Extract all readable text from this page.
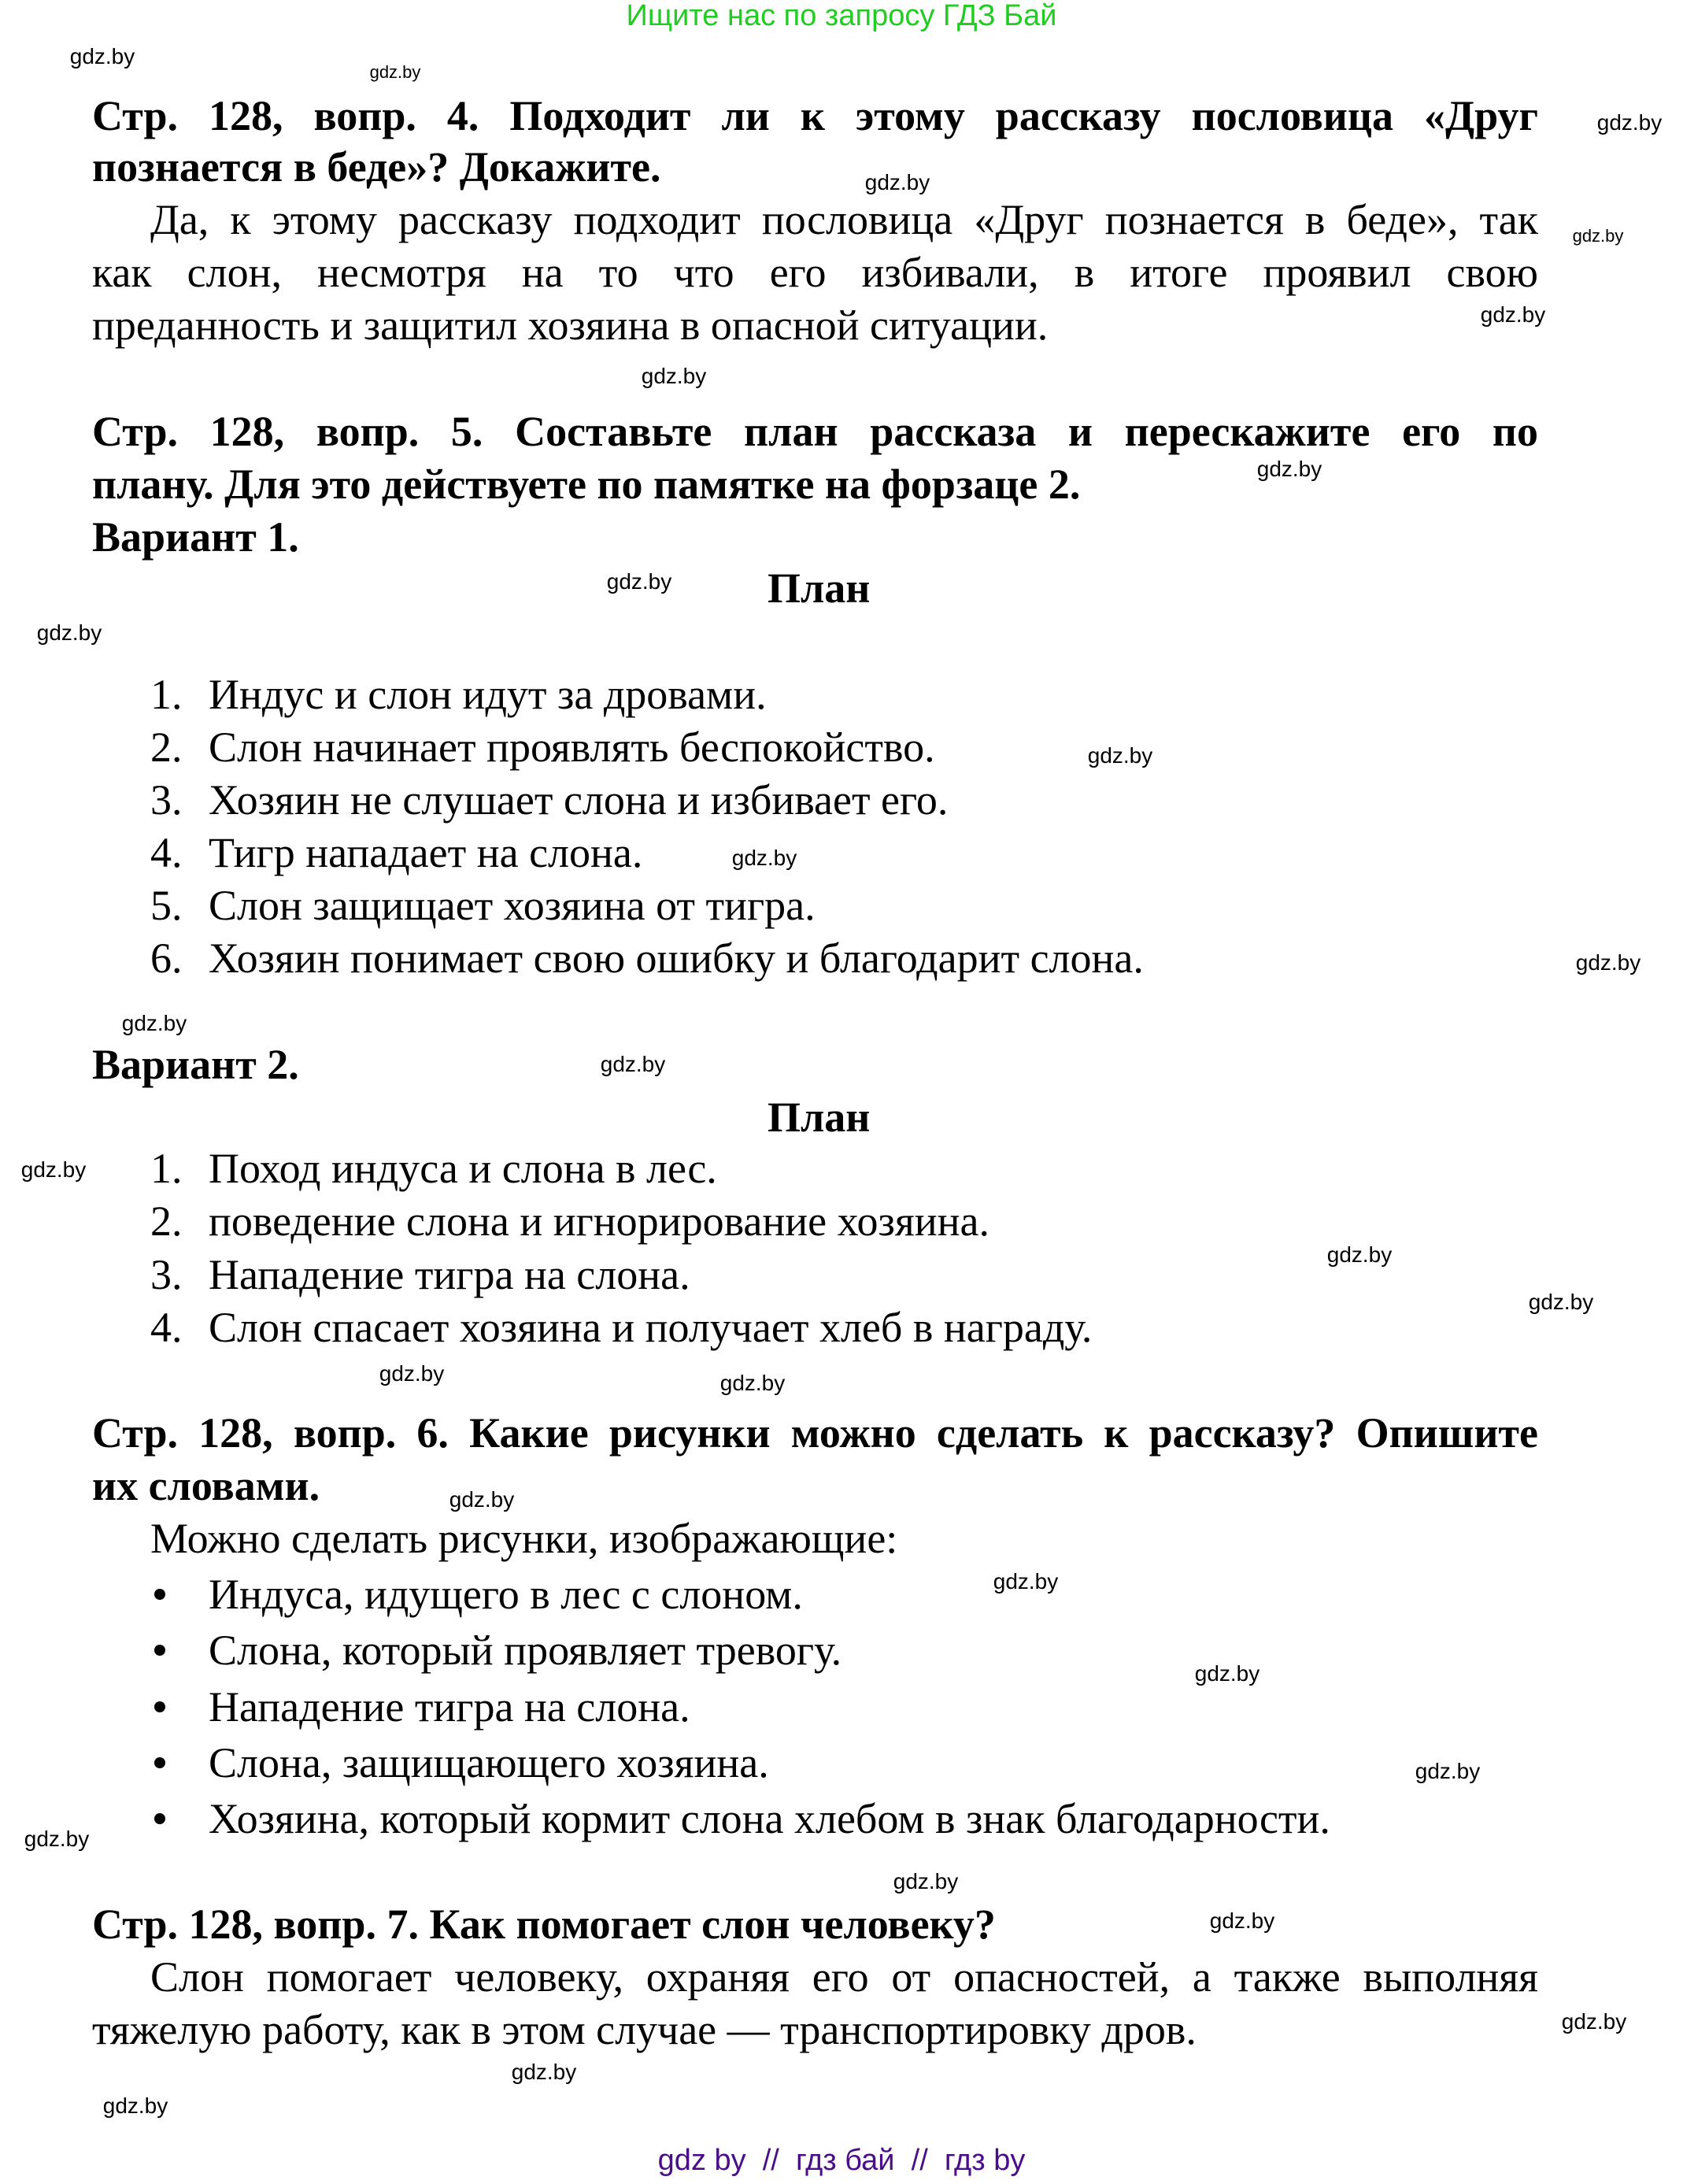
Ищите нас по запросу ГДЗ Бай
Стр. 128, вопр. 4. Подходит ли к этому рассказу пословица «Друг
познается в беде»? Докажите.
Да, к этому рассказу подходит пословица «Друг познается в беде», так
как слон, несмотря на то что его избивали, в итоге проявил свою
преданность и защитил хозяина в опасной ситуации.
Стр. 128, вопр. 5. Составьте план рассказа и перескажите его по
плану. Для это действуете по памятке на форзаце 2.
Вариант 1.
План
1. Индус и слон идут за дровами.
2. Слон начинает проявлять беспокойство.
3. Хозяин не слушает слона и избивает его.
4. Тигр нападает на слона.
5. Слон защищает хозяина от тигра.
6. Хозяин понимает свою ошибку и благодарит слона.
Вариант 2.
План
1. Поход индуса и слона в лес.
2. поведение слона и игнорирование хозяина.
3. Нападение тигра на слона.
4. Слон спасает хозяина и получает хлеб в награду.
Стр. 128, вопр. 6. Какие рисунки можно сделать к рассказу? Опишите
их словами.
Можно сделать рисунки, изображающие:
Индуса, идущего в лес с слоном.
Слона, который проявляет тревогу.
Нападение тигра на слона.
Слона, защищающего хозяина.
Хозяина, который кормит слона хлебом в знак благодарности.
Стр. 128, вопр. 7. Как помогает слон человеку?
Слон помогает человеку, охраняя его от опасностей, а также выполняя
тяжелую работу, как в этом случае — транспортировку дров.
gdz.by
gdz.by
gdz.by
gdz.by
gdz.by
gdz.by
gdz.by
gdz.by
gdz.by
gdz.by
gdz.by
gdz.by
gdz.by
gdz.by
gdz.by
gdz.by
gdz.by
gdz.by
gdz.by	gdz.by
gdz.by
gdz.by
gdz.by
gdz.by
gdz.by
gdz.by
gdz.by
gdz.by
gdz.by
gdz.by
gdz by  //  гдз бай  //  гдз by
